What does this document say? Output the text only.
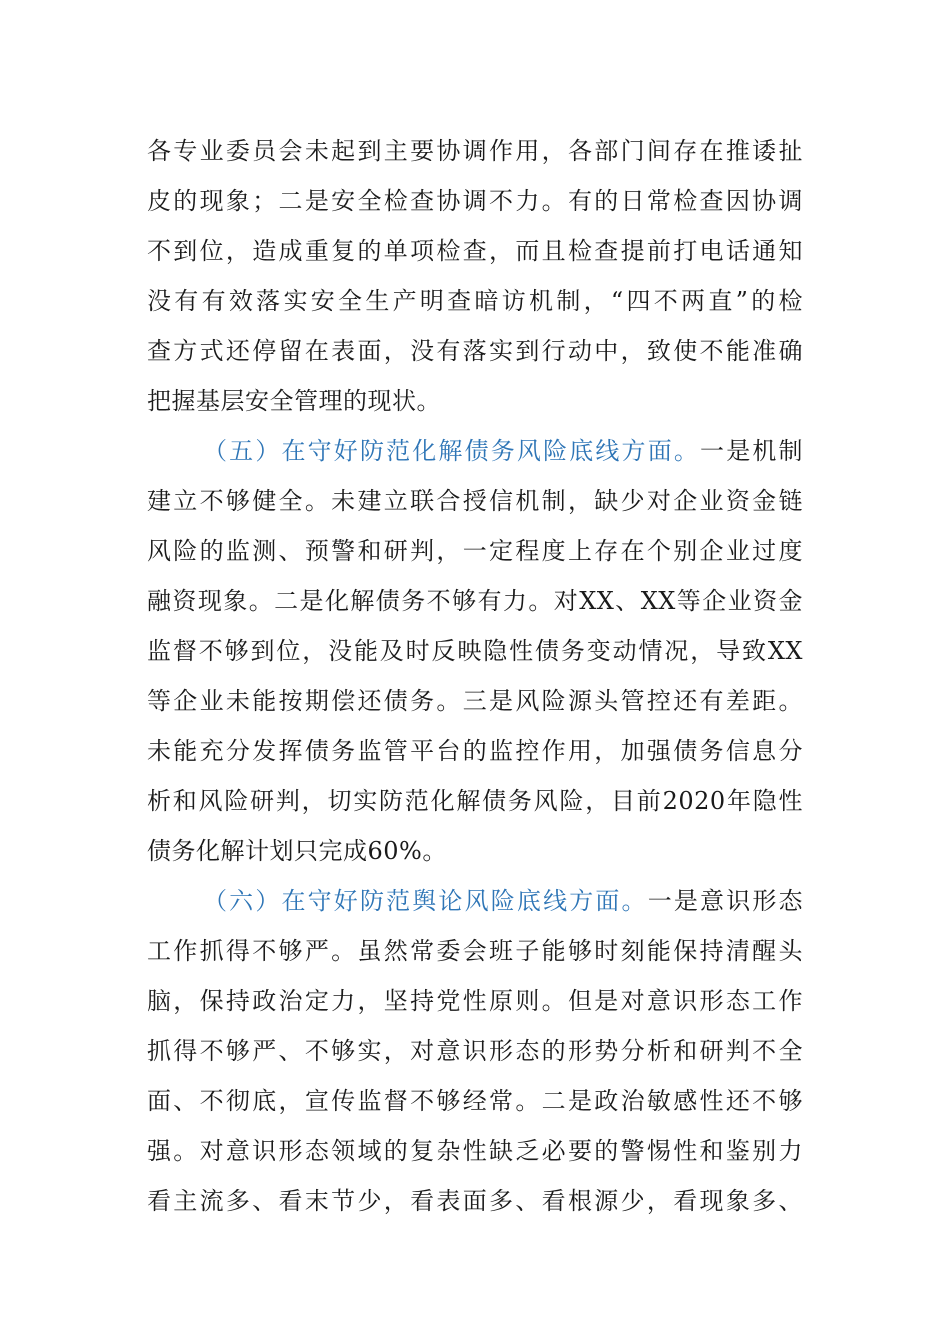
各专业委员会未起到主要协调作用，各部门间存在推诿扯
皮的现象；二是安全检查协调不力。有的日常检查因协调
不到位，造成重复的单项检查，而且检查提前打电话通知
没有有效落实安全生产明查暗访机制，“四不两直”的检
查方式还停留在表面，没有落实到行动中，致使不能准确
把握基层安全管理的现状。
（五）在守好防范化解债务风险底线方面。一是机制
建立不够健全。未建立联合授信机制，缺少对企业资金链
风险的监测、预警和研判，一定程度上存在个别企业过度
融资现象。二是化解债务不够有力。对XX、XX等企业资金
监督不够到位，没能及时反映隐性债务变动情况，导致XX
等企业未能按期偿还债务。三是风险源头管控还有差距。
未能充分发挥债务监管平台的监控作用，加强债务信息分
析和风险研判，切实防范化解债务风险，目前2020年隐性
债务化解计划只完成60%。
（六）在守好防范舆论风险底线方面。一是意识形态
工作抓得不够严。虽然常委会班子能够时刻能保持清醒头
脑，保持政治定力，坚持党性原则。但是对意识形态工作
抓得不够严、不够实，对意识形态的形势分析和研判不全
面、不彻底，宣传监督不够经常。二是政治敏感性还不够
强。对意识形态领域的复杂性缺乏必要的警惕性和鉴别力
看主流多、看末节少，看表面多、看根源少，看现象多、
